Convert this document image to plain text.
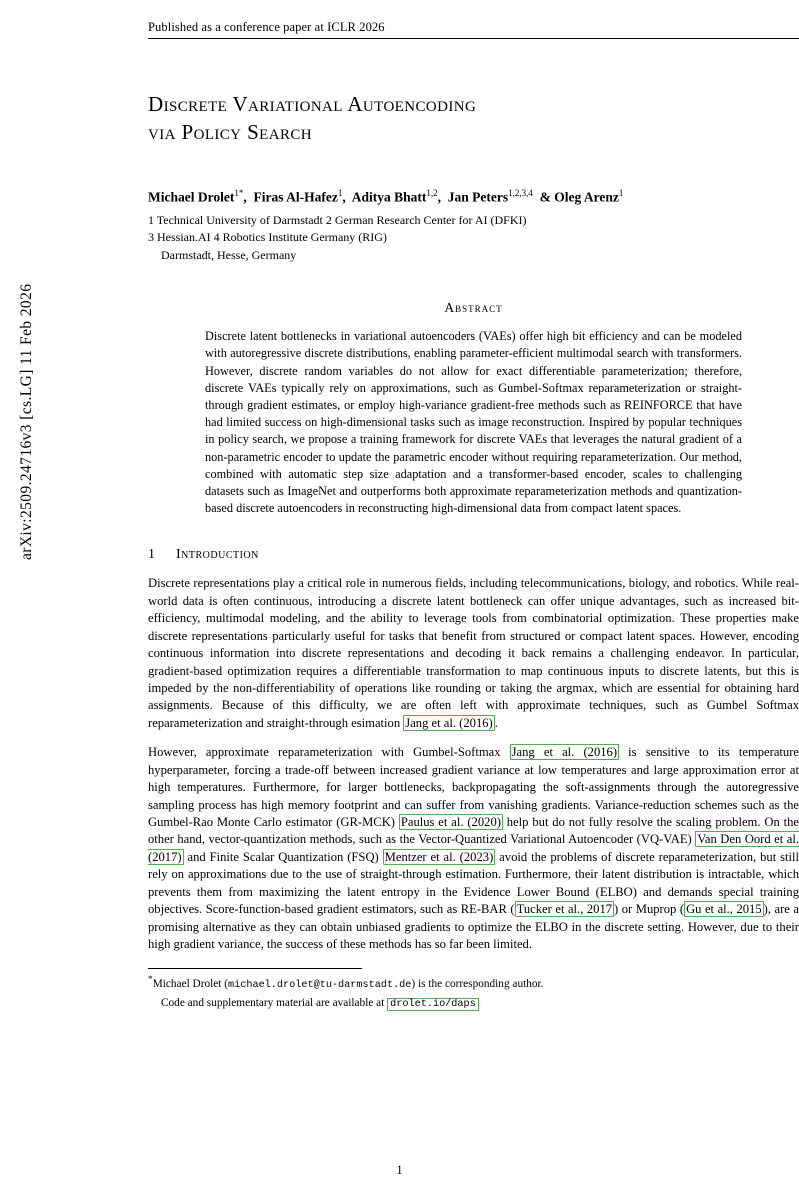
arXiv:2509.24716v3 [cs.LG] 11 Feb 2026
Published as a conference paper at ICLR 2026
Discrete Variational Autoencoding
via Policy Search
Michael Drolet$^{1*}$,  Firas Al-Hafez$^1$,  Aditya Bhatt$^{1,2}$,  Jan Peters$^{1,2,3,4}$  & Oleg Arenz$^1$
1 Technical University of Darmstadt 2 German Research Center for AI (DFKI)
3 Hessian.AI 4 Robotics Institute Germany (RIG)
Darmstadt, Hesse, Germany
Abstract
Discrete latent bottlenecks in variational autoencoders (VAEs) offer high bit efficiency and can be modeled with autoregressive discrete distributions, enabling parameter-efficient multimodal search with transformers. However, discrete random variables do not allow for exact differentiable parameterization; therefore, discrete VAEs typically rely on approximations, such as Gumbel-Softmax reparameterization or straight-through gradient estimates, or employ high-variance gradient-free methods such as REINFORCE that have had limited success on high-dimensional tasks such as image reconstruction. Inspired by popular techniques in policy search, we propose a training framework for discrete VAEs that leverages the natural gradient of a non-parametric encoder to update the parametric encoder without requiring reparameterization. Our method, combined with automatic step size adaptation and a transformer-based encoder, scales to challenging datasets such as ImageNet and outperforms both approximate reparameterization methods and quantization-based discrete autoencoders in reconstructing high-dimensional data from compact latent spaces.
1 Introduction
Discrete representations play a critical role in numerous fields, including telecommunications, biology, and robotics. While real-world data is often continuous, introducing a discrete latent bottleneck can offer unique advantages, such as increased bit-efficiency, multimodal modeling, and the ability to leverage tools from combinatorial optimization. These properties make discrete representations particularly useful for tasks that benefit from structured or compact latent spaces. However, encoding continuous information into discrete representations and decoding it back remains a challenging endeavor. In particular, gradient-based optimization requires a differentiable transformation to map continuous inputs to discrete latents, but this is impeded by the non-differentiability of operations like rounding or taking the argmax, which are essential for obtaining hard assignments. Because of this difficulty, we are often left with approximate techniques, such as Gumbel Softmax reparameterization and straight-through esimation Jang et al. (2016) .
However, approximate reparameterization with Gumbel-Softmax Jang et al. (2016) is sensitive to its temperature hyperparameter, forcing a trade-off between increased gradient variance at low temperatures and large approximation error at high temperatures. Furthermore, for larger bottlenecks, backpropagating the soft-assignments through the autoregressive sampling process has high memory footprint and can suffer from vanishing gradients. Variance-reduction schemes such as the Gumbel-Rao Monte Carlo estimator (GR-MCK) Paulus et al. (2020) help but do not fully resolve the scaling problem. On the other hand, vector-quantization methods, such as the Vector-Quantized Variational Autoencoder (VQ-VAE) Van Den Oord et al. (2017) and Finite Scalar Quantization (FSQ) Mentzer et al. (2023) avoid the problems of discrete reparameterization, but still rely on approximations due to the use of straight-through estimation. Furthermore, their latent distribution is intractable, which prevents them from maximizing the latent entropy in the Evidence Lower Bound (ELBO) and demands special training objectives. Score-function-based gradient estimators, such as RE-BAR ( Tucker et al., 2017 ) or Muprop ( Gu et al., 2015 ), are a promising alternative as they can obtain unbiased gradients to optimize the ELBO in the discrete setting. However, due to their high gradient variance, the success of these methods has so far been limited.
*Michael Drolet (michael.drolet@tu-darmstadt.de) is the corresponding author.
Code and supplementary material are available at drolet.io/daps
1
